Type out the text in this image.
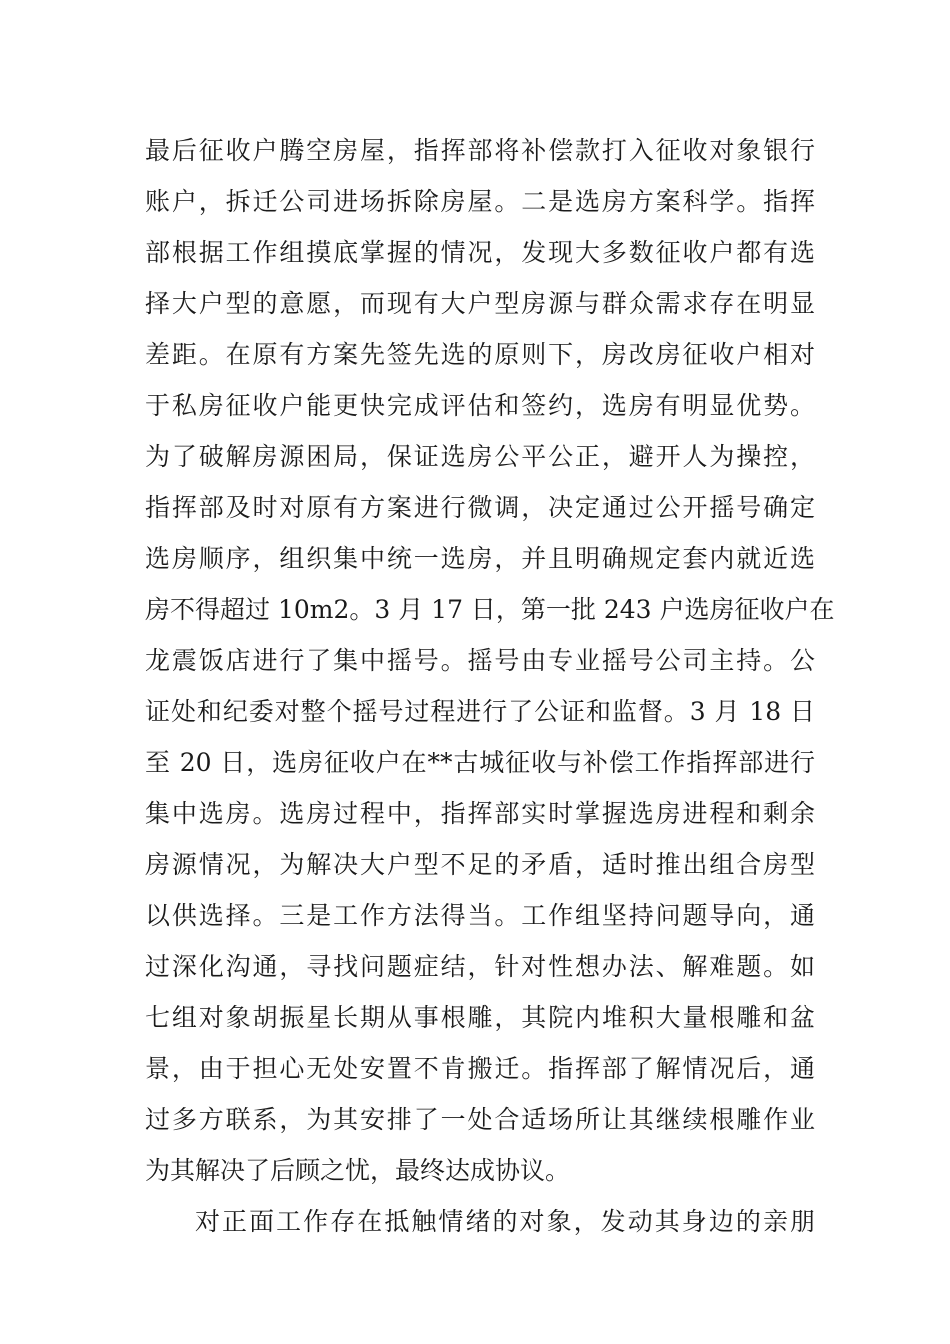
最后征收户腾空房屋，指挥部将补偿款打入征收对象银行
账户，拆迁公司进场拆除房屋。二是选房方案科学。指挥
部根据工作组摸底掌握的情况，发现大多数征收户都有选
择大户型的意愿，而现有大户型房源与群众需求存在明显
差距。在原有方案先签先选的原则下，房改房征收户相对
于私房征收户能更快完成评估和签约，选房有明显优势。
为了破解房源困局，保证选房公平公正，避开人为操控，
指挥部及时对原有方案进行微调，决定通过公开摇号确定
选房顺序，组织集中统一选房，并且明确规定套内就近选
房不得超过 10m2。3 月 17 日，第一批 243 户选房征收户在
龙震饭店进行了集中摇号。摇号由专业摇号公司主持。公
证处和纪委对整个摇号过程进行了公证和监督。3 月 18 日
至 20 日，选房征收户在**古城征收与补偿工作指挥部进行
集中选房。选房过程中，指挥部实时掌握选房进程和剩余
房源情况，为解决大户型不足的矛盾，适时推出组合房型
以供选择。三是工作方法得当。工作组坚持问题导向，通
过深化沟通，寻找问题症结，针对性想办法、解难题。如
七组对象胡振星长期从事根雕，其院内堆积大量根雕和盆
景，由于担心无处安置不肯搬迁。指挥部了解情况后，通
过多方联系，为其安排了一处合适场所让其继续根雕作业
为其解决了后顾之忧，最终达成协议。
对正面工作存在抵触情绪的对象，发动其身边的亲朋
